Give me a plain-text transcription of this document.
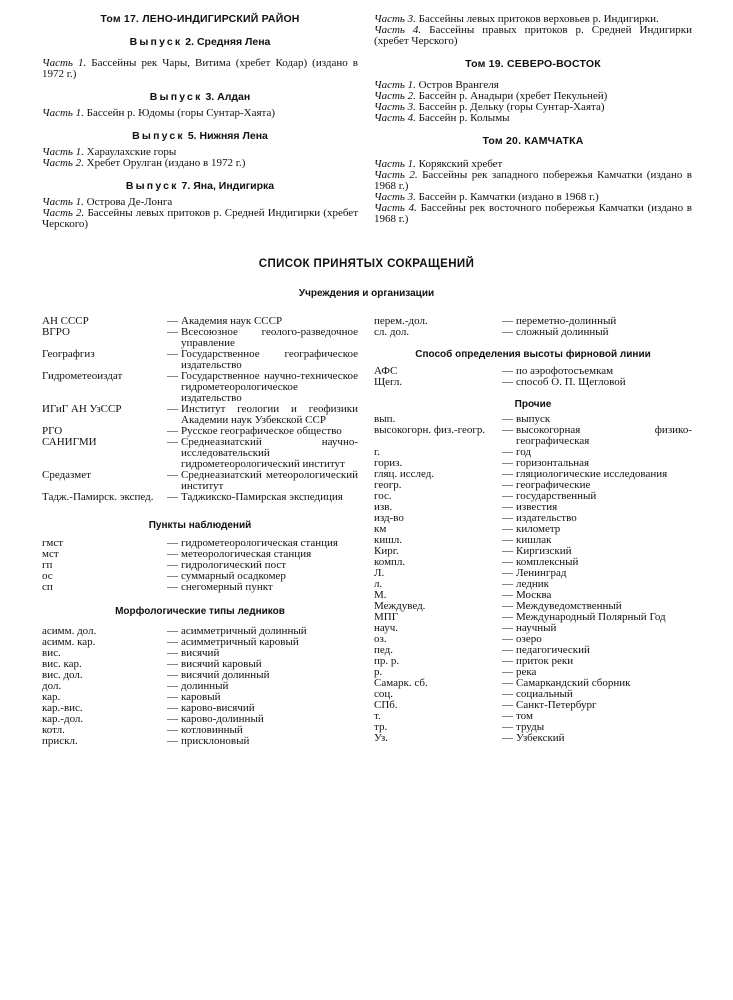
Том 17. ЛЕНО-ИНДИГИРСКИЙ РАЙОН
Выпуск 2. Средняя Лена
Часть 1. Бассейны рек Чары, Витима (хребет Кодар) (издано в 1972 г.)
Выпуск 3. Алдан
Часть 1. Бассейн р. Юдомы (горы Сунтар-Хаята)
Выпуск 5. Нижняя Лена
Часть 1. Хараулахские горы
Часть 2. Хребет Орулган (издано в 1972 г.)
Выпуск 7. Яна, Индигирка
Часть 1. Острова Де-Лонга
Часть 2. Бассейны левых притоков р. Средней Индигирки (хребет Черского)
Часть 3. Бассейны левых притоков верховьев р. Индигирки.
Часть 4. Бассейны правых притоков р. Средней Индигирки (хребет Черского)
Том 19. СЕВЕРО-ВОСТОК
Часть 1. Остров Врангеля
Часть 2. Бассейн р. Анадыри (хребет Пекульней)
Часть 3. Бассейн р. Дельку (горы Сунтар-Хаята)
Часть 4. Бассейн р. Колымы
Том 20. КАМЧАТКА
Часть 1. Корякский хребет
Часть 2. Бассейны рек западного побережья Камчатки (издано в 1968 г.)
Часть 3. Бассейн р. Камчатки (издано в 1968 г.)
Часть 4. Бассейны рек восточного побережья Камчатки (издано в 1968 г.)
СПИСОК ПРИНЯТЫХ СОКРАЩЕНИЙ
Учреждения и организации
АН СССР	— Академия наук СССР
ВГРО	— Всесоюзное геолого-разведочное управление
Географгиз	— Государственное географическое издательство
Гидрометеоиздат	— Государственное научно-техническое гидрометеорологическое издательство
ИГиГ АН УзССР	— Институт геологии и геофизики Академии наук Узбекской ССР
РГО	— Русское географическое общество
САНИГМИ	— Среднеазиатский научно-исследовательский гидрометеорологический институт
Средазмет	— Среднеазиатский метеорологический институт
Тадж.-Памирск. экспед.	— Таджикско-Памирская экспедиция
Пункты наблюдений
гмст	— гидрометеорологическая станция
мст	— метеорологическая станция
гп	— гидрологический пост
ос	— суммарный осадкомер
сп	— снегомерный пункт
Морфологические типы ледников
асимм. дол.	— асимметричный долинный
асимм. кар.	— асимметричный каровый
вис.	— висячий
вис. кар.	— висячий каровый
вис. дол.	— висячий долинный
дол.	— долинный
кар.	— каровый
кар.-вис.	— карово-висячий
кар.-дол.	— карово-долинный
котл.	— котловинный
прискл.	— присклоновый
перем.-дол.	— переметно-долинный
сл. дол.	— сложный долинный
Способ определения высоты фирновой линии
АФС	— по аэрофотосъемкам
Щегл.	— способ О. П. Щегловой
Прочие
вып.	— выпуск
высокогорн. физ.-геогр.	— высокогорная физико-географическая
г.	— год
гориз.	— горизонтальная
гляц. исслед.	— гляциологические исследования
геогр.	— географические
гос.	— государственный
изв.	— известия
изд-во	— издательство
км	— километр
кишл.	— кишлак
Кирг.	— Киргизский
компл.	— комплексный
Л.	— Ленинград
л.	— ледник
М.	— Москва
Междувед.	— Междуведомственный
МПГ	— Международный Полярный Год
науч.	— научный
оз.	— озеро
пед.	— педагогический
пр. р.	— приток реки
р.	— река
Самарк. сб.	— Самаркандский сборник
соц.	— социальный
СПб.	— Санкт-Петербург
т.	— том
тр.	— труды
Уз.	— Узбекский
